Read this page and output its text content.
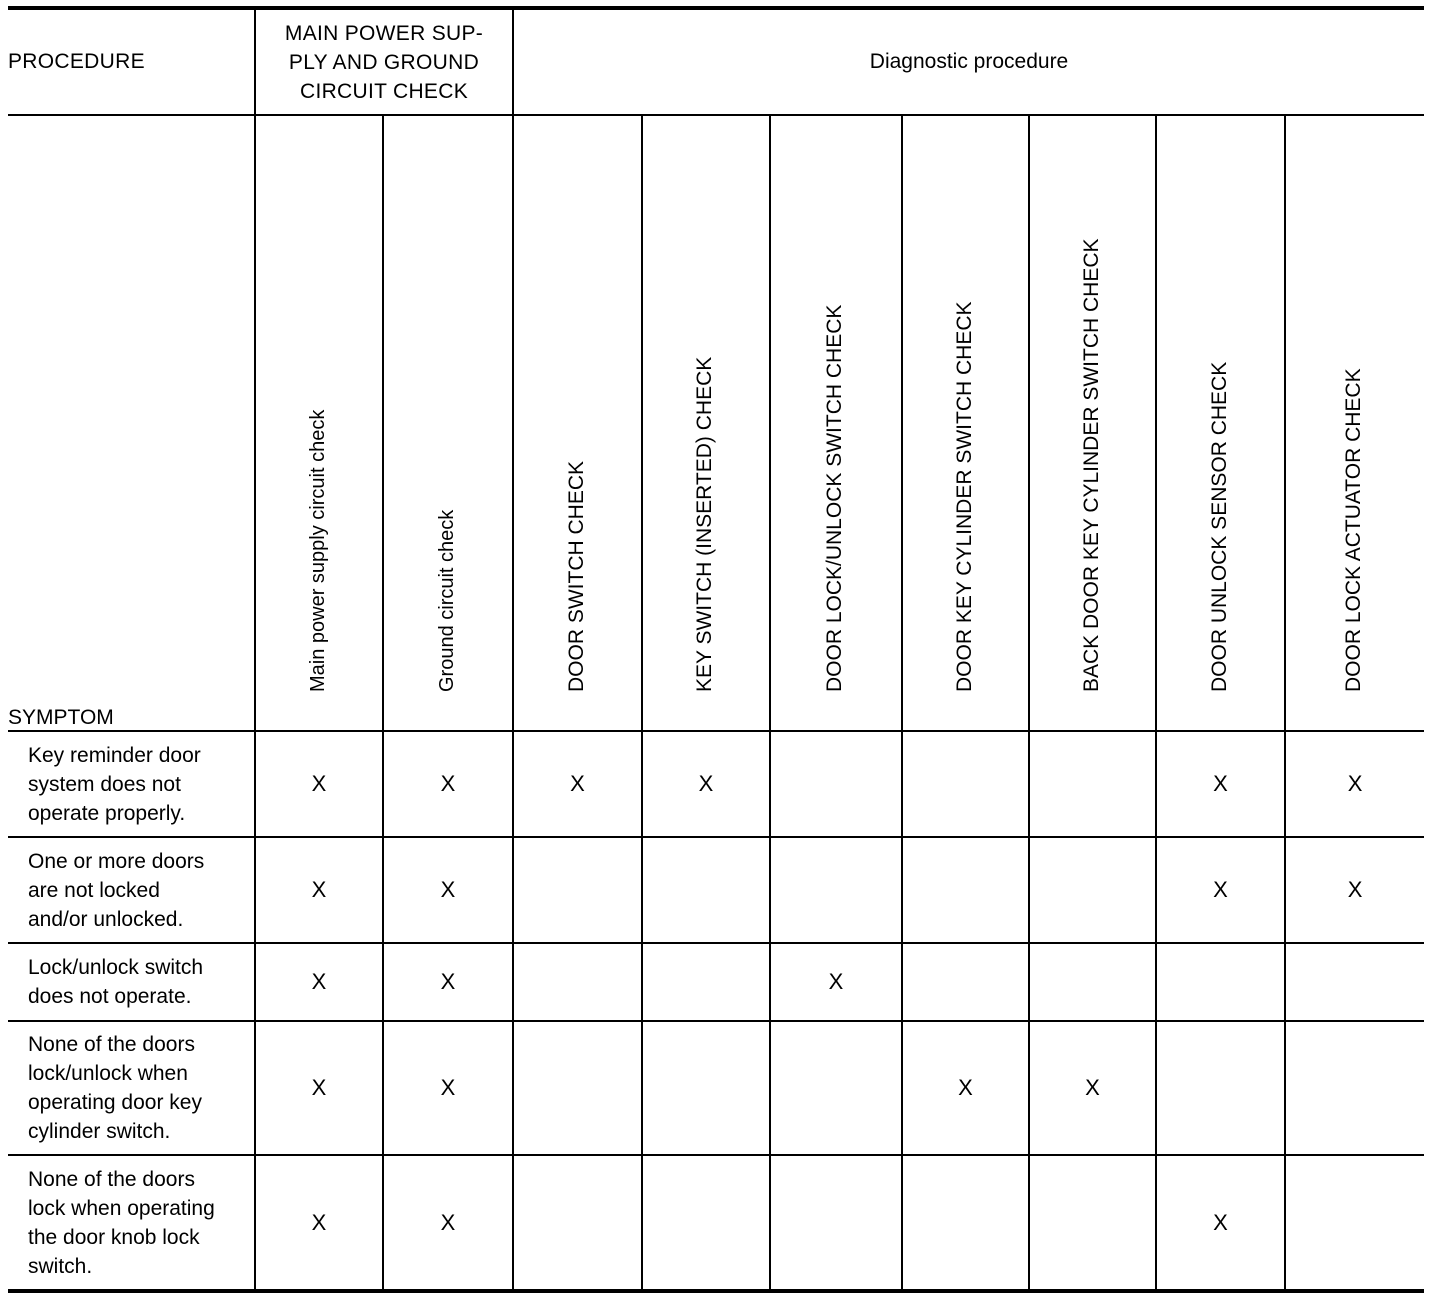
PROCEDURE	MAIN POWER SUP-
PLY AND GROUND
CIRCUIT CHECK		Diagnostic procedure						
SYMPTOM	Main power supply circuit check	Ground circuit check	DOOR SWITCH CHECK	KEY SWITCH (INSERTED) CHECK	DOOR LOCK/UNLOCK SWITCH CHECK	DOOR KEY CYLINDER SWITCH CHECK	BACK DOOR KEY CYLINDER SWITCH CHECK	DOOR UNLOCK SENSOR CHECK	DOOR LOCK ACTUATOR CHECK

Key reminder door
system does not
operate properly.	X	X	X	X				X	X
One or more doors
are not locked
and/or unlocked.	X	X						X	X
Lock/unlock switch
does not operate.	X	X			X				
None of the doors
lock/unlock when
operating door key
cylinder switch.	X	X				X	X		
None of the doors
lock when operating
the door knob lock
switch.	X	X						X	
